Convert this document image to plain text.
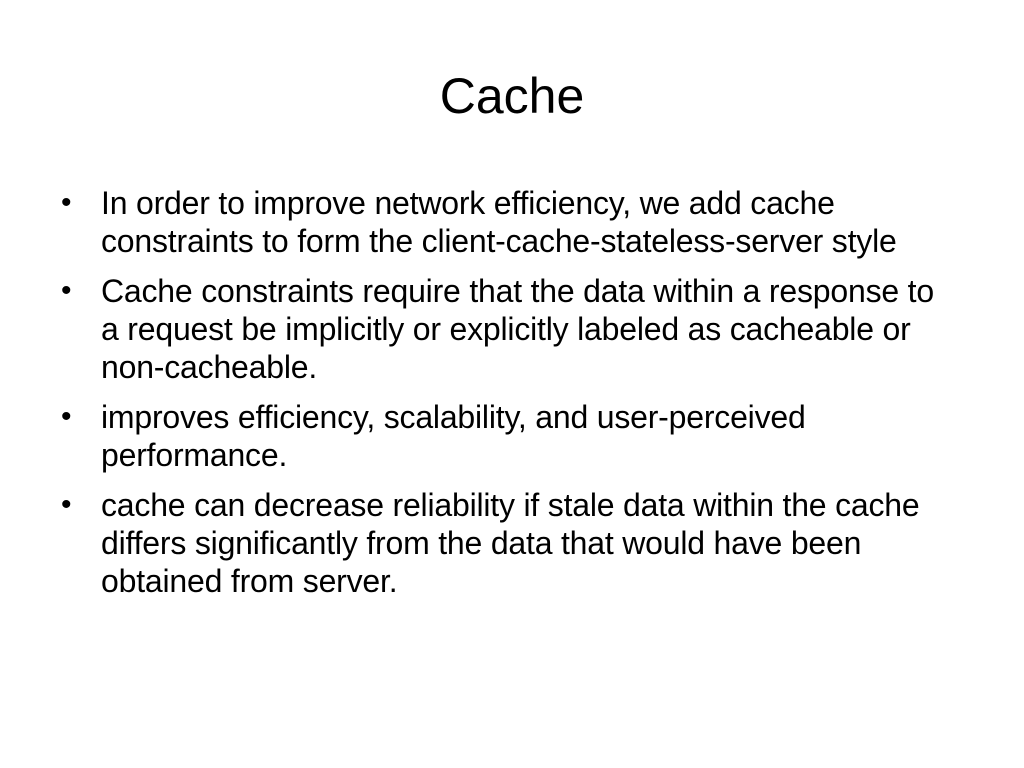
Cache
• In order to improve network efficiency, we add cache constraints to form the client-cache-stateless-server style
• Cache constraints require that the data within a response to a request be implicitly or explicitly labeled as cacheable or non-cacheable.
• improves efficiency, scalability, and user-perceived performance.
• cache can decrease reliability if stale data within the cache differs significantly from the data that would have been obtained from server.
